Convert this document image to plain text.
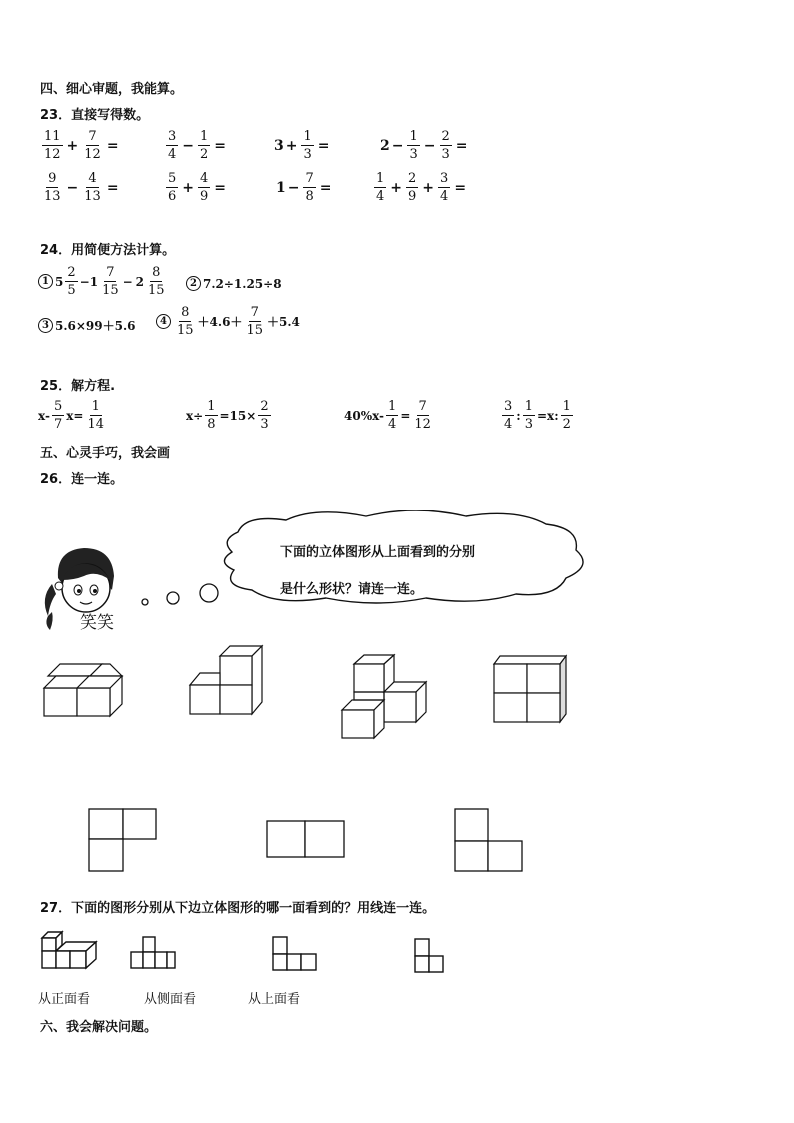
四、细心审题，我能算。
23．直接写得数。
$\frac{11}{12} + \frac{7}{12}$ =	$\frac{3}{4} - \frac{1}{2}$ =	$3 + \frac{1}{3}$ =	$2 - \frac{1}{3} - \frac{2}{3}$ =
$\frac{9}{13} - \frac{4}{13}$ =	$\frac{5}{6} + \frac{4}{9}$ =	$1 - \frac{7}{8}$ =	$\frac{1}{4} + \frac{2}{9} + \frac{3}{4}$ =
24．用简便方法计算。
1 $5 \frac{2}{5} - 1 \frac{7}{15} - 2 \frac{8}{15}$	2 7.2÷1.25÷8
3 5.6×99＋5.6	$4 \frac{8}{15} +4.6+ \frac{7}{15} +5.4$
25．解方程.
$x- \frac{5}{7} x= \frac{1}{14}$	$x\div \frac{1}{8} =15\times \frac{2}{3}$	$40\%x- \frac{1}{4} = \frac{7}{12}$	$\frac{3}{4}$ : $\frac{1}{3} =x$: $\frac{1}{2}$
五、心灵手巧，我会画
26．连一连。
笑笑
下面的立体图形从上面看到的分别
是什么形状？请连一连。
27．下面的图形分别从下边立体图形的哪一面看到的？用线连一连。
从正面看	从侧面看	从上面看
六、我会解决问题。
